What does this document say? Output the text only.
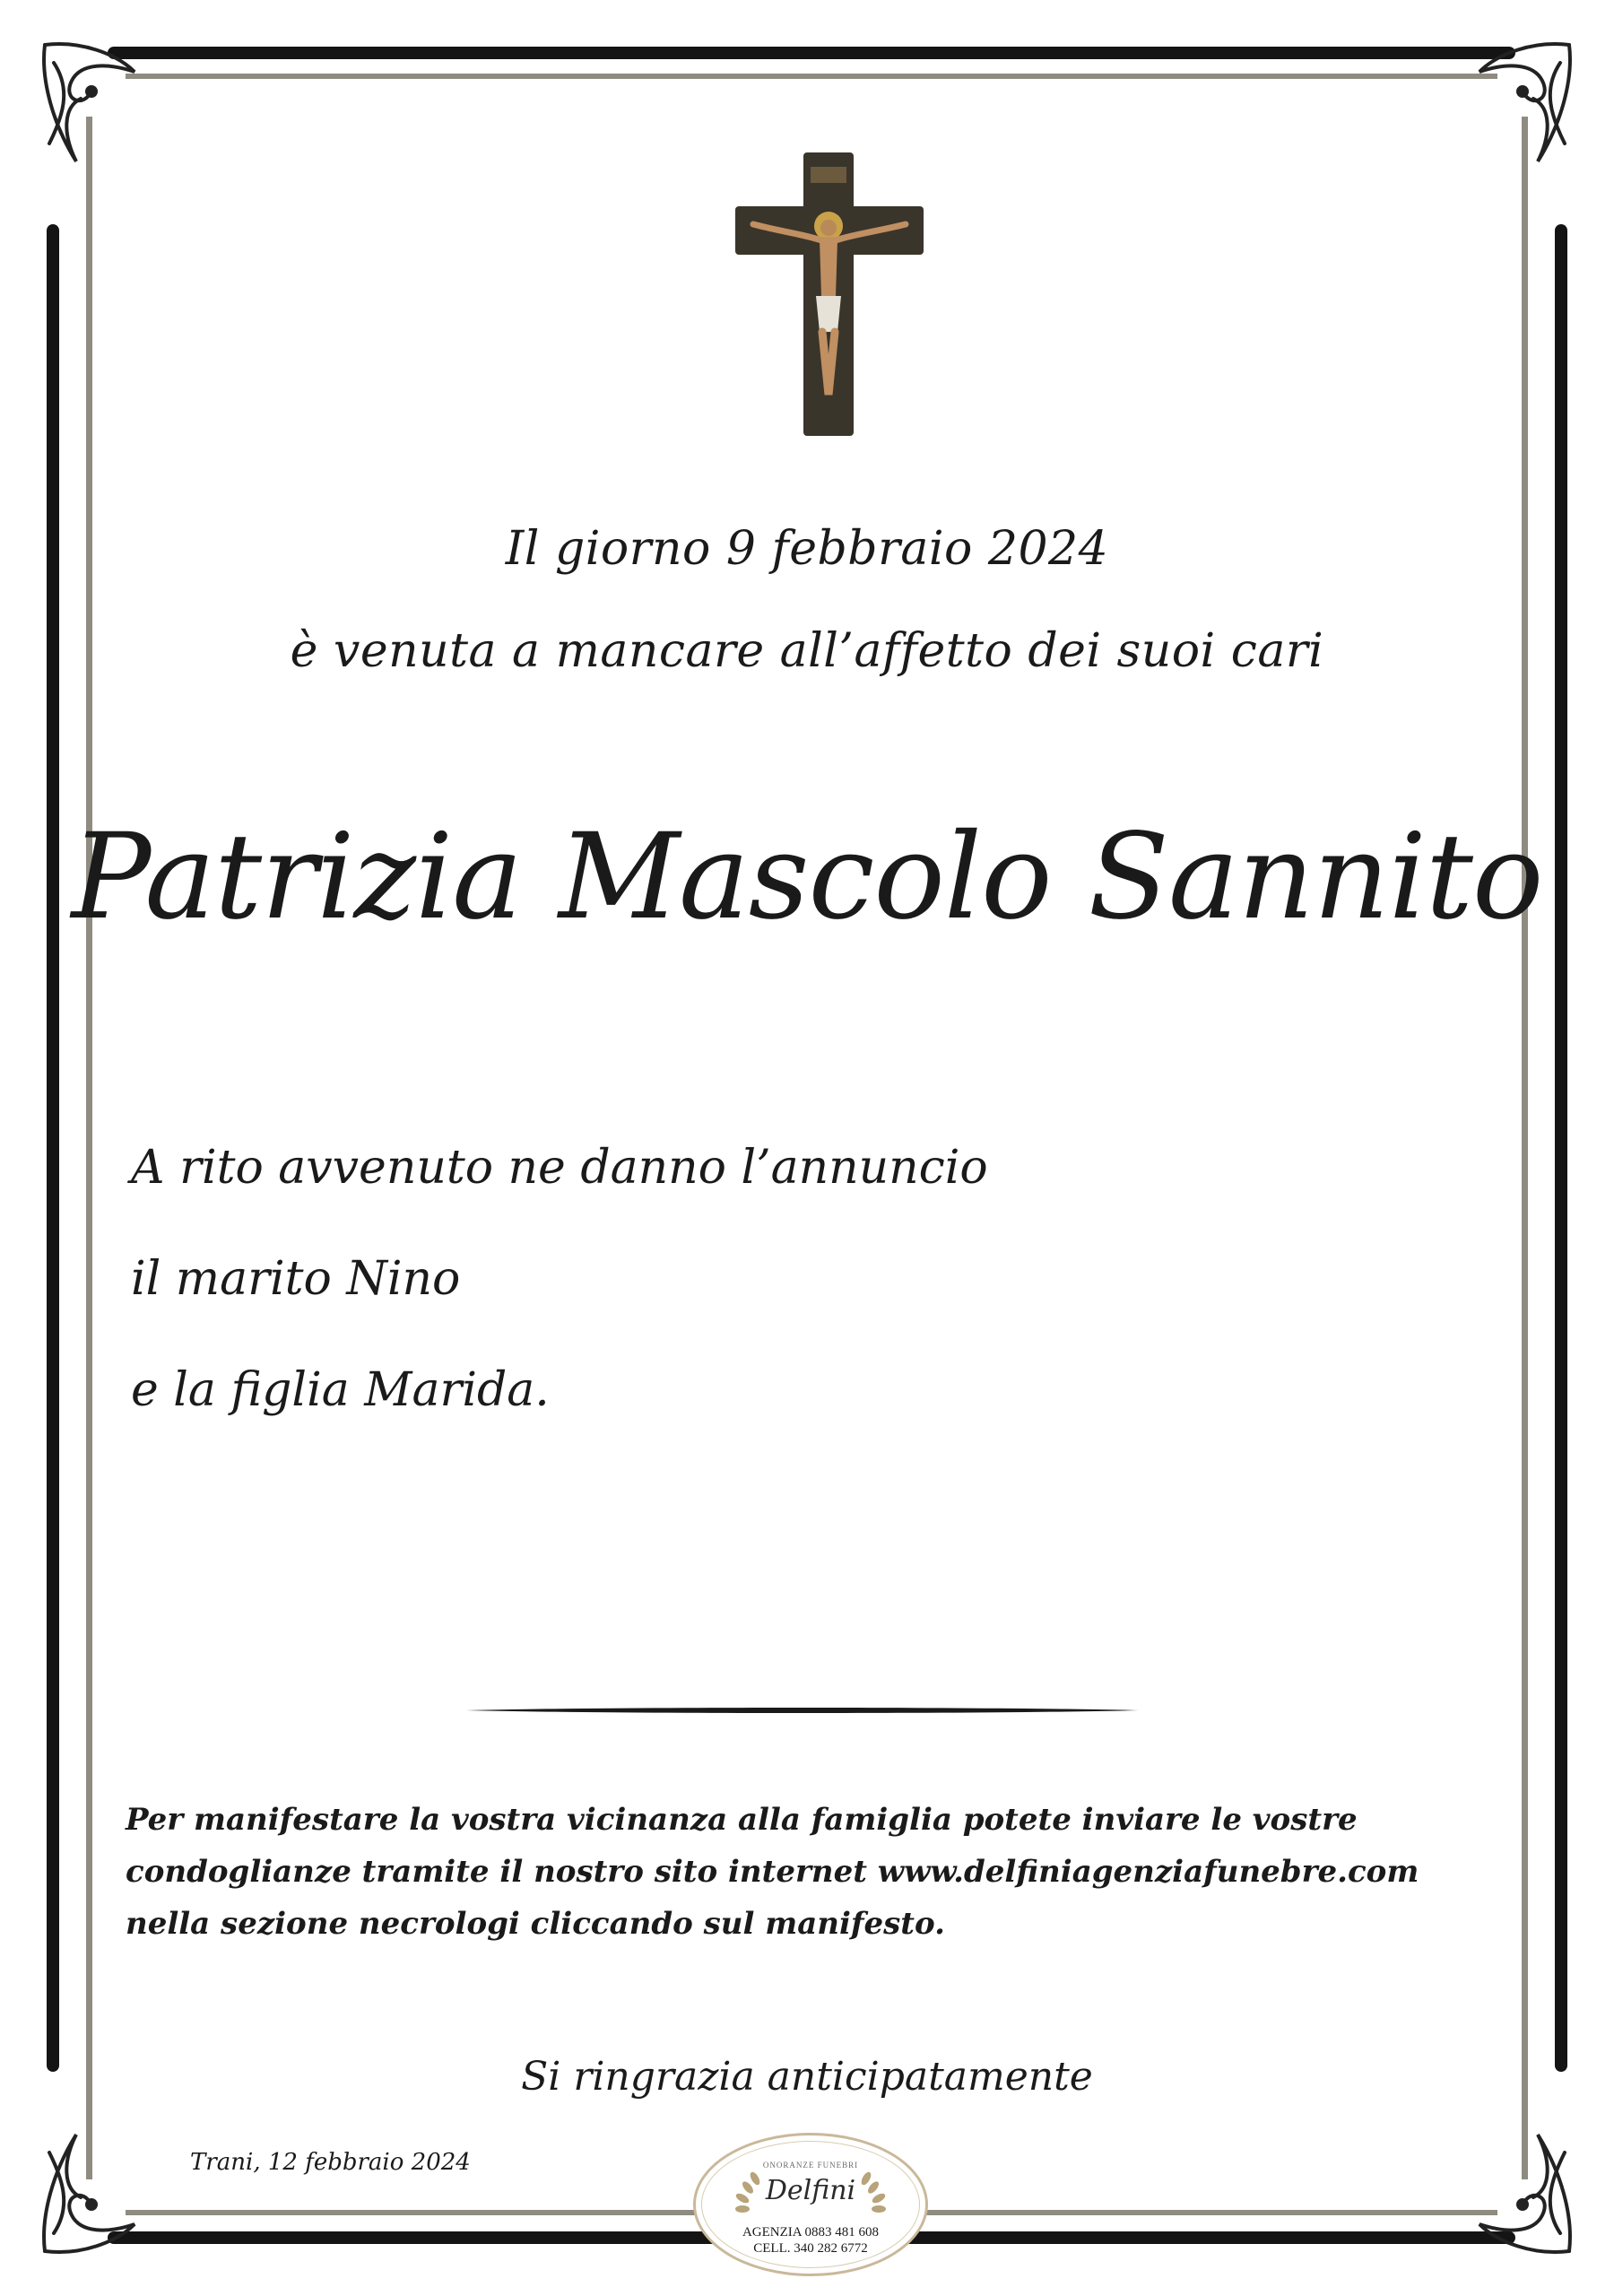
Il giorno 9 febbraio 2024
è venuta a mancare all’affetto dei suoi cari
Patrizia Mascolo Sannito
A rito avvenuto ne danno l’annuncio
il marito Nino
e la figlia Marida.
Per manifestare la vostra vicinanza alla famiglia potete inviare le vostre condoglianze tramite il nostro sito internet www.delfiniagenziafunebre.com nella sezione necrologi cliccando sul manifesto.
Si ringrazia anticipatamente
Trani, 12 febbraio 2024	ONORANZE FUNEBRI
Delfini
AGENZIA 0883 481 608
CELL. 340 282 6772
